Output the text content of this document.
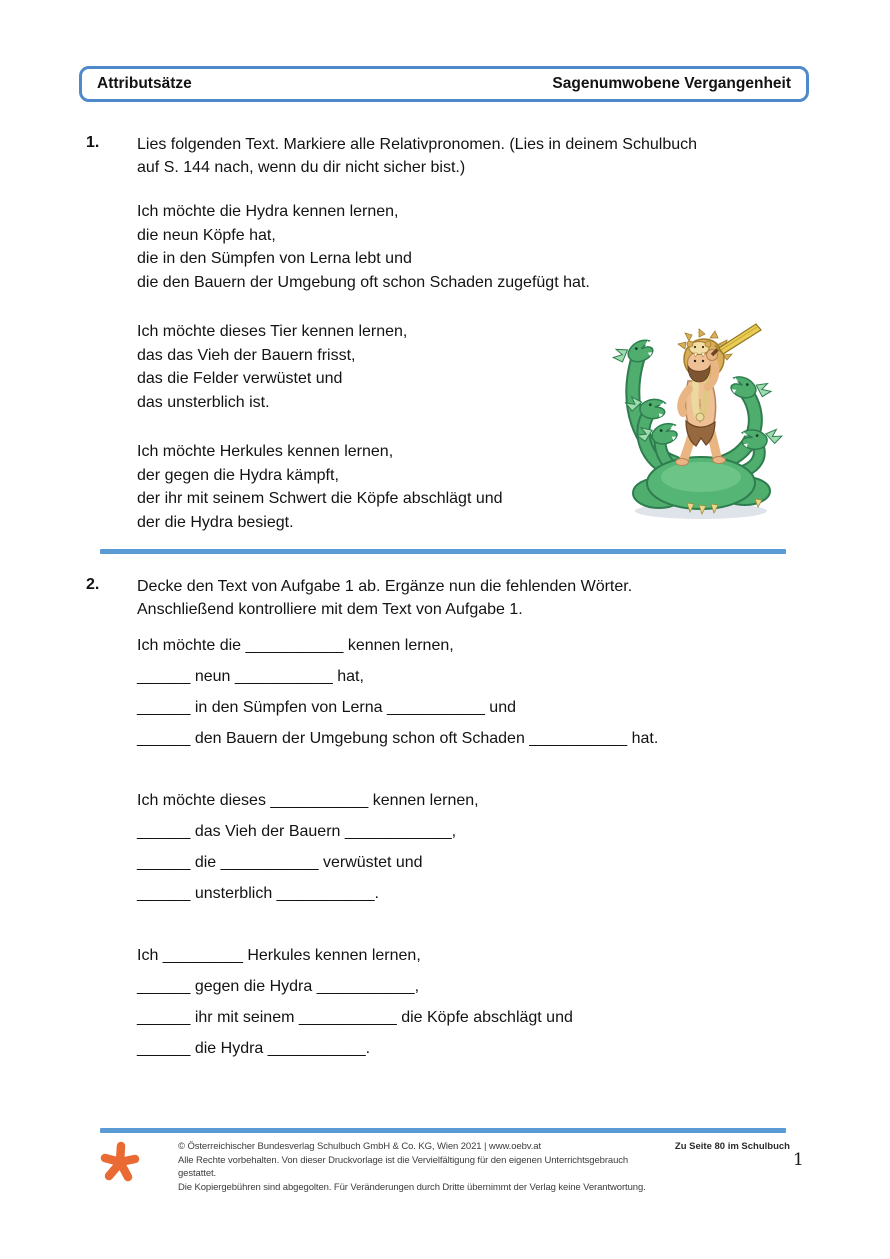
Attributsätze	Sagenumwobene Vergangenheit
1. Lies folgenden Text. Markiere alle Relativpronomen. (Lies in deinem Schulbuch
auf S. 144 nach, wenn du dir nicht sicher bist.)
Ich möchte die Hydra kennen lernen,
die neun Köpfe hat,
die in den Sümpfen von Lerna lebt und
die den Bauern der Umgebung oft schon Schaden zugefügt hat.
Ich möchte dieses Tier kennen lernen,
das das Vieh der Bauern frisst,
das die Felder verwüstet und
das unsterblich ist.
Ich möchte Herkules kennen lernen,
der gegen die Hydra kämpft,
der ihr mit seinem Schwert die Köpfe abschlägt und
der die Hydra besiegt.
2. Decke den Text von Aufgabe 1 ab. Ergänze nun die fehlenden Wörter.
Anschließend kontrolliere mit dem Text von Aufgabe 1.
Ich möchte die ___________ kennen lernen,
______ neun ___________ hat,
______ in den Sümpfen von Lerna ___________ und
______ den Bauern der Umgebung schon oft Schaden ___________ hat.
Ich möchte dieses ___________ kennen lernen,
______ das Vieh der Bauern ____________,
______ die ___________ verwüstet und
______ unsterblich ___________.
Ich _________ Herkules kennen lernen,
______ gegen die Hydra ___________,
______ ihr mit seinem ___________ die Köpfe abschlägt und
______ die Hydra ___________.
© Österreichischer Bundesverlag Schulbuch GmbH & Co. KG, Wien 2021 | www.oebv.at
Alle Rechte vorbehalten. Von dieser Druckvorlage ist die Vervielfältigung für den eigenen Unterrichtsgebrauch gestattet.
Die Kopiergebühren sind abgegolten. Für Veränderungen durch Dritte übernimmt der Verlag keine Verantwortung.
Zu Seite 80 im Schulbuch
1
